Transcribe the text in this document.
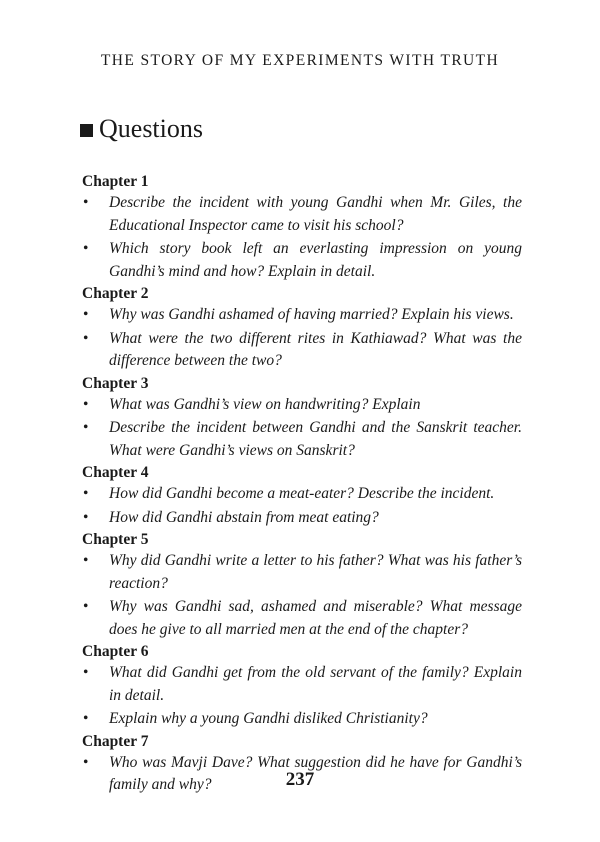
THE STORY OF MY EXPERIMENTS WITH TRUTH
Questions
Chapter 1
• Describe the incident with young Gandhi when Mr. Giles, the Educational Inspector came to visit his school?
• Which story book left an everlasting impression on young Gandhi’s mind and how? Explain in detail.
Chapter 2
• Why was Gandhi ashamed of having married? Explain his views.
• What were the two different rites in Kathiawad? What was the difference between the two?
Chapter 3
• What was Gandhi’s view on handwriting? Explain
• Describe the incident between Gandhi and the Sanskrit teacher. What were Gandhi’s views on Sanskrit?
Chapter 4
• How did Gandhi become a meat-eater? Describe the incident.
• How did Gandhi abstain from meat eating?
Chapter 5
• Why did Gandhi write a letter to his father? What was his father’s reaction?
• Why was Gandhi sad, ashamed and miserable? What message does he give to all married men at the end of the chapter?
Chapter 6
• What did Gandhi get from the old servant of the family? Explain in detail.
• Explain why a young Gandhi disliked Christianity?
Chapter 7
• Who was Mavji Dave? What suggestion did he have for Gandhi’s family and why?	237
